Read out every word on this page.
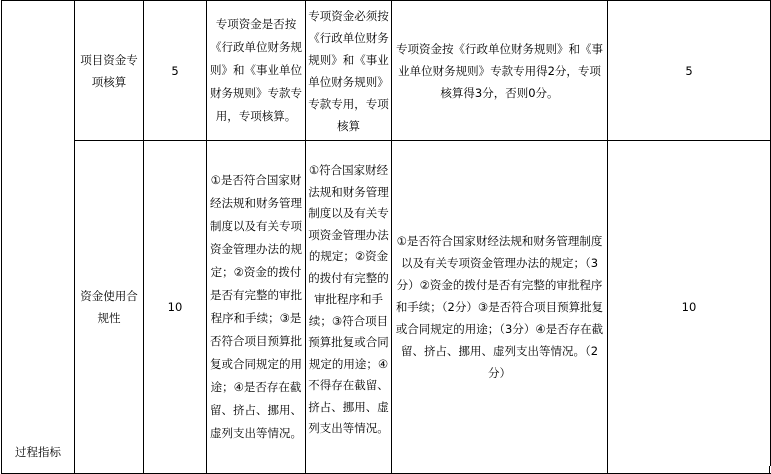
过程指标	项目资金专项核算	5	专项资金是否按《行政单位财务规则》和《事业单位财务规则》专款专用，专项核算。	专项资金必须按《行政单位财务规则》和《事业单位财务规则》专款专用，专项核算	专项资金按《行政单位财务规则》和《事业单位财务规则》专款专用得2分，专项核算得3分，否则0分。	5
	资金使用合规性	10	①是否符合国家财经法规和财务管理制度以及有关专项资金管理办法的规定；②资金的拨付是否有完整的审批程序和手续；③是否符合项目预算批复或合同规定的用途；④是否存在截留、挤占、挪用、虚列支出等情况。	①符合国家财经法规和财务管理制度以及有关专项资金管理办法的规定；②资金的拨付有完整的审批程序和手续；③符合项目预算批复或合同规定的用途；④不得存在截留、挤占、挪用、虚列支出等情况。	①是否符合国家财经法规和财务管理制度以及有关专项资金管理办法的规定；（3分）②资金的拨付是否有完整的审批程序和手续；（2分）③是否符合项目预算批复或合同规定的用途；（3分）④是否存在截留、挤占、挪用、虚列支出等情况。（2分）	10
